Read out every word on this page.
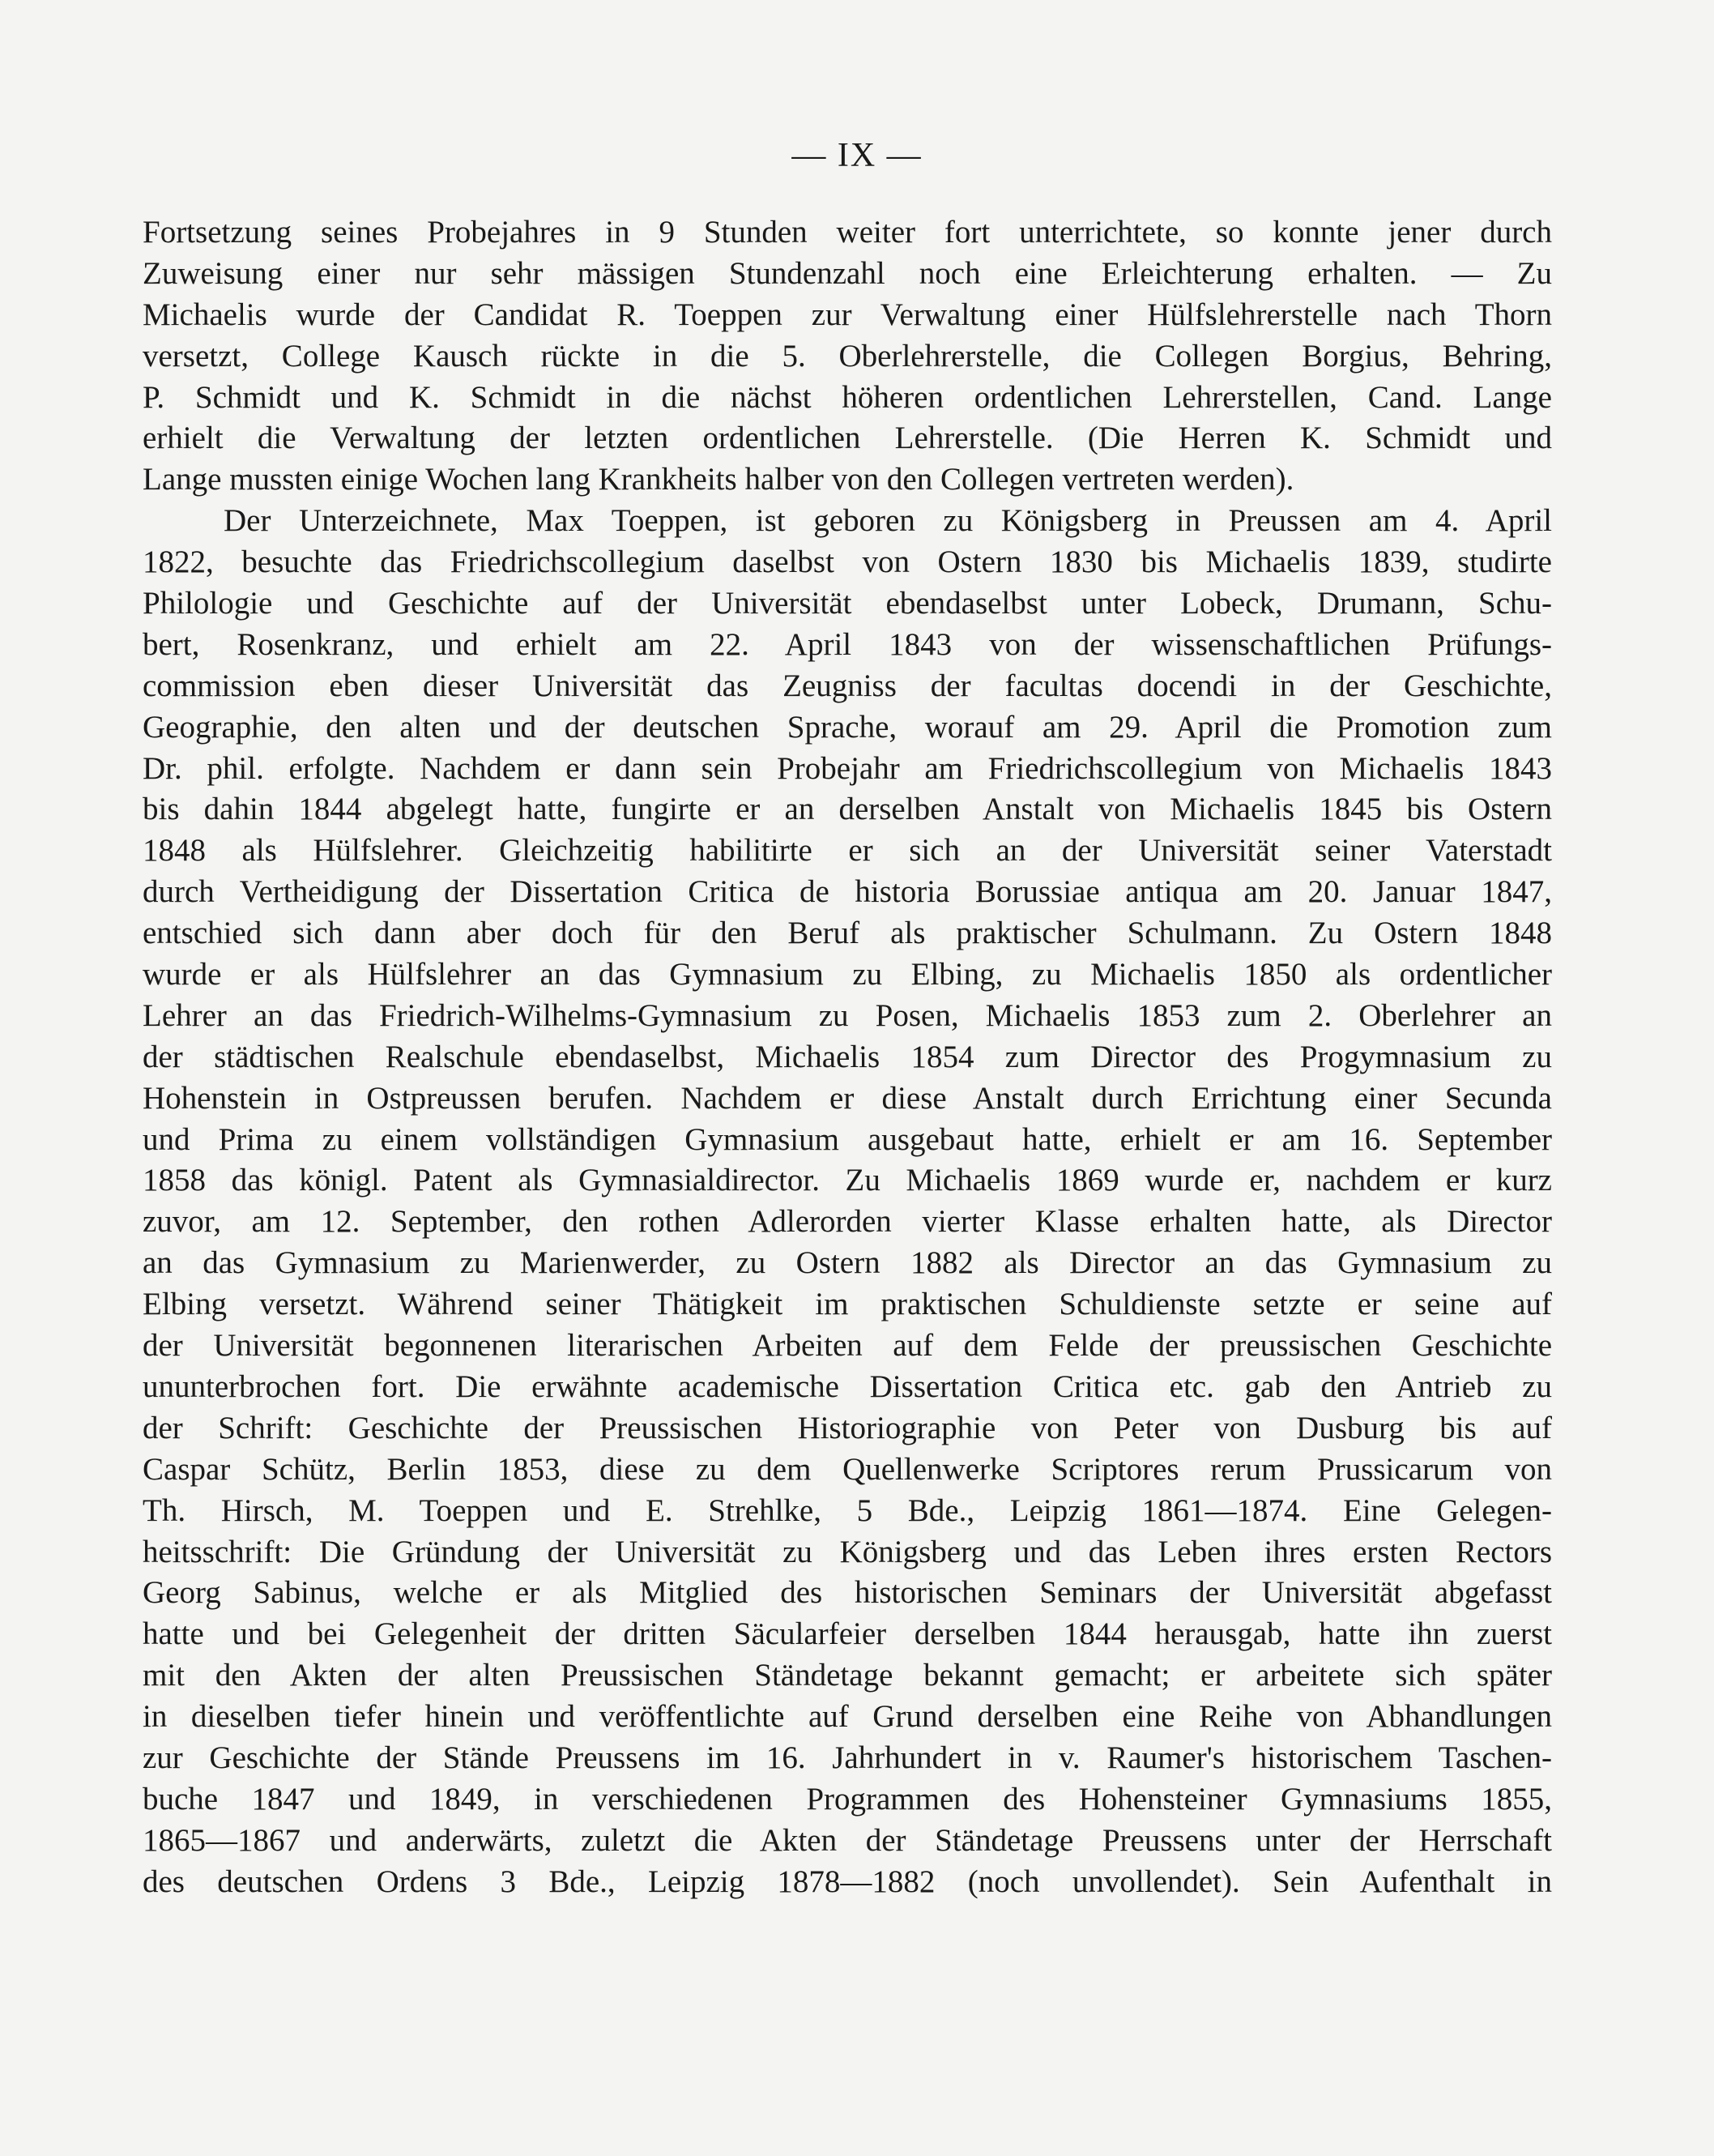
— IX —
Fortsetzung seines Probejahres in 9 Stunden weiter fort unterrichtete, so konnte jener durch
Zuweisung einer nur sehr mässigen Stundenzahl noch eine Erleichterung erhalten. — Zu
Michaelis wurde der Candidat R. Toeppen zur Verwaltung einer Hülfslehrerstelle nach Thorn
versetzt, College Kausch rückte in die 5. Oberlehrerstelle, die Collegen Borgius, Behring,
P. Schmidt und K. Schmidt in die nächst höheren ordentlichen Lehrerstellen, Cand. Lange
erhielt die Verwaltung der letzten ordentlichen Lehrerstelle. (Die Herren K. Schmidt und
Lange mussten einige Wochen lang Krankheits halber von den Collegen vertreten werden).
Der Unterzeichnete, Max Toeppen, ist geboren zu Königsberg in Preussen am 4. April
1822, besuchte das Friedrichscollegium daselbst von Ostern 1830 bis Michaelis 1839, studirte
Philologie und Geschichte auf der Universität ebendaselbst unter Lobeck, Drumann, Schu-
bert, Rosenkranz, und erhielt am 22. April 1843 von der wissenschaftlichen Prüfungs-
commission eben dieser Universität das Zeugniss der facultas docendi in der Geschichte,
Geographie, den alten und der deutschen Sprache, worauf am 29. April die Promotion zum
Dr. phil. erfolgte. Nachdem er dann sein Probejahr am Friedrichscollegium von Michaelis 1843
bis dahin 1844 abgelegt hatte, fungirte er an derselben Anstalt von Michaelis 1845 bis Ostern
1848 als Hülfslehrer. Gleichzeitig habilitirte er sich an der Universität seiner Vaterstadt
durch Vertheidigung der Dissertation Critica de historia Borussiae antiqua am 20. Januar 1847,
entschied sich dann aber doch für den Beruf als praktischer Schulmann. Zu Ostern 1848
wurde er als Hülfslehrer an das Gymnasium zu Elbing, zu Michaelis 1850 als ordentlicher
Lehrer an das Friedrich-Wilhelms-Gymnasium zu Posen, Michaelis 1853 zum 2. Oberlehrer an
der städtischen Realschule ebendaselbst, Michaelis 1854 zum Director des Progymnasium zu
Hohenstein in Ostpreussen berufen. Nachdem er diese Anstalt durch Errichtung einer Secunda
und Prima zu einem vollständigen Gymnasium ausgebaut hatte, erhielt er am 16. September
1858 das königl. Patent als Gymnasialdirector. Zu Michaelis 1869 wurde er, nachdem er kurz
zuvor, am 12. September, den rothen Adlerorden vierter Klasse erhalten hatte, als Director
an das Gymnasium zu Marienwerder, zu Ostern 1882 als Director an das Gymnasium zu
Elbing versetzt. Während seiner Thätigkeit im praktischen Schuldienste setzte er seine auf
der Universität begonnenen literarischen Arbeiten auf dem Felde der preussischen Geschichte
ununterbrochen fort. Die erwähnte academische Dissertation Critica etc. gab den Antrieb zu
der Schrift: Geschichte der Preussischen Historiographie von Peter von Dusburg bis auf
Caspar Schütz, Berlin 1853, diese zu dem Quellenwerke Scriptores rerum Prussicarum von
Th. Hirsch, M. Toeppen und E. Strehlke, 5 Bde., Leipzig 1861—1874. Eine Gelegen-
heitsschrift: Die Gründung der Universität zu Königsberg und das Leben ihres ersten Rectors
Georg Sabinus, welche er als Mitglied des historischen Seminars der Universität abgefasst
hatte und bei Gelegenheit der dritten Säcularfeier derselben 1844 herausgab, hatte ihn zuerst
mit den Akten der alten Preussischen Ständetage bekannt gemacht; er arbeitete sich später
in dieselben tiefer hinein und veröffentlichte auf Grund derselben eine Reihe von Abhandlungen
zur Geschichte der Stände Preussens im 16. Jahrhundert in v. Raumer's historischem Taschen-
buche 1847 und 1849, in verschiedenen Programmen des Hohensteiner Gymnasiums 1855,
1865—1867 und anderwärts, zuletzt die Akten der Ständetage Preussens unter der Herrschaft
des deutschen Ordens 3 Bde., Leipzig 1878—1882 (noch unvollendet). Sein Aufenthalt in
